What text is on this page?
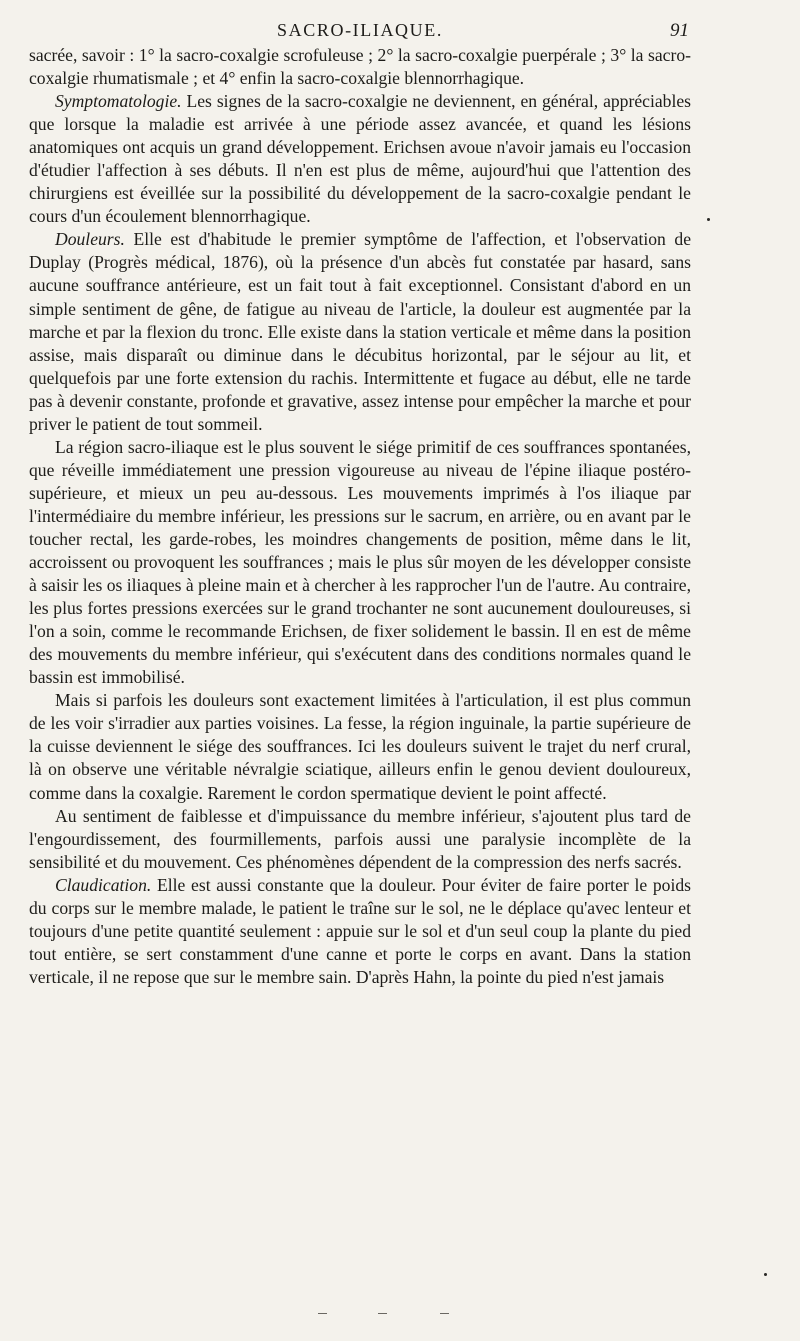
SACRO-ILIAQUE.	91

sacrée, savoir : 1° la sacro-coxalgie scrofuleuse ; 2° la sacro-coxalgie puerpérale ; 3° la sacro-coxalgie rhumatismale ; et 4° enfin la sacro-coxalgie blennorrhagique.

Symptomatologie. Les signes de la sacro-coxalgie ne deviennent, en général, appréciables que lorsque la maladie est arrivée à une période assez avancée, et quand les lésions anatomiques ont acquis un grand développement. Erichsen avoue n'avoir jamais eu l'occasion d'étudier l'affection à ses débuts. Il n'en est plus de même, aujourd'hui que l'attention des chirurgiens est éveillée sur la possibilité du développement de la sacro-coxalgie pendant le cours d'un écoulement blennorrhagique.

Douleurs. Elle est d'habitude le premier symptôme de l'affection, et l'observation de Duplay (Progrès médical, 1876), où la présence d'un abcès fut constatée par hasard, sans aucune souffrance antérieure, est un fait tout à fait exceptionnel. Consistant d'abord en un simple sentiment de gêne, de fatigue au niveau de l'article, la douleur est augmentée par la marche et par la flexion du tronc. Elle existe dans la station verticale et même dans la position assise, mais disparaît ou diminue dans le décubitus horizontal, par le séjour au lit, et quelquefois par une forte extension du rachis. Intermittente et fugace au début, elle ne tarde pas à devenir constante, profonde et gravative, assez intense pour empêcher la marche et pour priver le patient de tout sommeil.

La région sacro-iliaque est le plus souvent le siége primitif de ces souffrances spontanées, que réveille immédiatement une pression vigoureuse au niveau de l'épine iliaque postéro-supérieure, et mieux un peu au-dessous. Les mouvements imprimés à l'os iliaque par l'intermédiaire du membre inférieur, les pressions sur le sacrum, en arrière, ou en avant par le toucher rectal, les garde-robes, les moindres changements de position, même dans le lit, accroissent ou provoquent les souffrances ; mais le plus sûr moyen de les développer consiste à saisir les os iliaques à pleine main et à chercher à les rapprocher l'un de l'autre. Au contraire, les plus fortes pressions exercées sur le grand trochanter ne sont aucunement douloureuses, si l'on a soin, comme le recommande Erichsen, de fixer solidement le bassin. Il en est de même des mouvements du membre inférieur, qui s'exécutent dans des conditions normales quand le bassin est immobilisé.

Mais si parfois les douleurs sont exactement limitées à l'articulation, il est plus commun de les voir s'irradier aux parties voisines. La fesse, la région inguinale, la partie supérieure de la cuisse deviennent le siége des souffrances. Ici les douleurs suivent le trajet du nerf crural, là on observe une véritable névralgie sciatique, ailleurs enfin le genou devient douloureux, comme dans la coxalgie. Rarement le cordon spermatique devient le point affecté.

Au sentiment de faiblesse et d'impuissance du membre inférieur, s'ajoutent plus tard de l'engourdissement, des fourmillements, parfois aussi une paralysie incomplète de la sensibilité et du mouvement. Ces phénomènes dépendent de la compression des nerfs sacrés.

Claudication. Elle est aussi constante que la douleur. Pour éviter de faire porter le poids du corps sur le membre malade, le patient le traîne sur le sol, ne le déplace qu'avec lenteur et toujours d'une petite quantité seulement : appuie sur le sol et d'un seul coup la plante du pied tout entière, se sert constamment d'une canne et porte le corps en avant. Dans la station verticale, il ne repose que sur le membre sain. D'après Hahn, la pointe du pied n'est jamais
